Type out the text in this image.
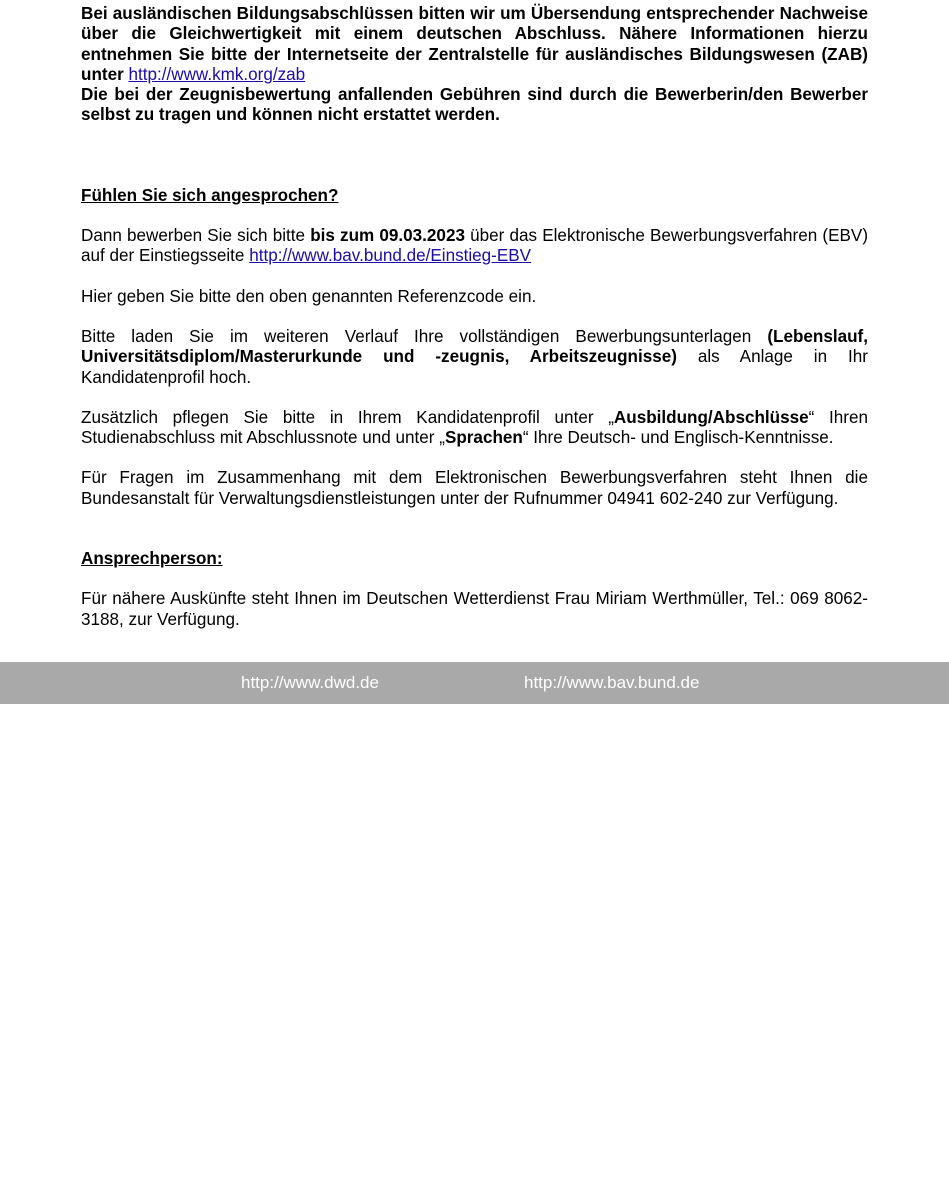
Bei ausländischen Bildungsabschlüssen bitten wir um Übersendung entsprechender Nachweise über die Gleichwertigkeit mit einem deutschen Abschluss. Nähere Informationen hierzu entnehmen Sie bitte der Internetseite der Zentralstelle für ausländisches Bildungswesen (ZAB) unter http://www.kmk.org/zab
Die bei der Zeugnisbewertung anfallenden Gebühren sind durch die Bewerberin/den Bewerber selbst zu tragen und können nicht erstattet werden.

Fühlen Sie sich angesprochen?

Dann bewerben Sie sich bitte bis zum 09.03.2023 über das Elektronische Bewerbungsverfahren (EBV) auf der Einstiegsseite http://www.bav.bund.de/Einstieg-EBV

Hier geben Sie bitte den oben genannten Referenzcode ein.

Bitte laden Sie im weiteren Verlauf Ihre vollständigen Bewerbungsunterlagen (Lebenslauf, Universitätsdiplom/Masterurkunde und -zeugnis, Arbeitszeugnisse) als Anlage in Ihr Kandidatenprofil hoch.

Zusätzlich pflegen Sie bitte in Ihrem Kandidatenprofil unter „Ausbildung/Abschlüsse“ Ihren Studienabschluss mit Abschlussnote und unter „Sprachen“ Ihre Deutsch- und Englisch-Kenntnisse.

Für Fragen im Zusammenhang mit dem Elektronischen Bewerbungsverfahren steht Ihnen die Bundesanstalt für Verwaltungsdienstleistungen unter der Rufnummer 04941 602-240 zur Verfügung.

Ansprechperson:

Für nähere Auskünfte steht Ihnen im Deutschen Wetterdienst Frau Miriam Werthmüller, Tel.: 069 8062-3188, zur Verfügung.

http://www.dwd.de	http://www.bav.bund.de
